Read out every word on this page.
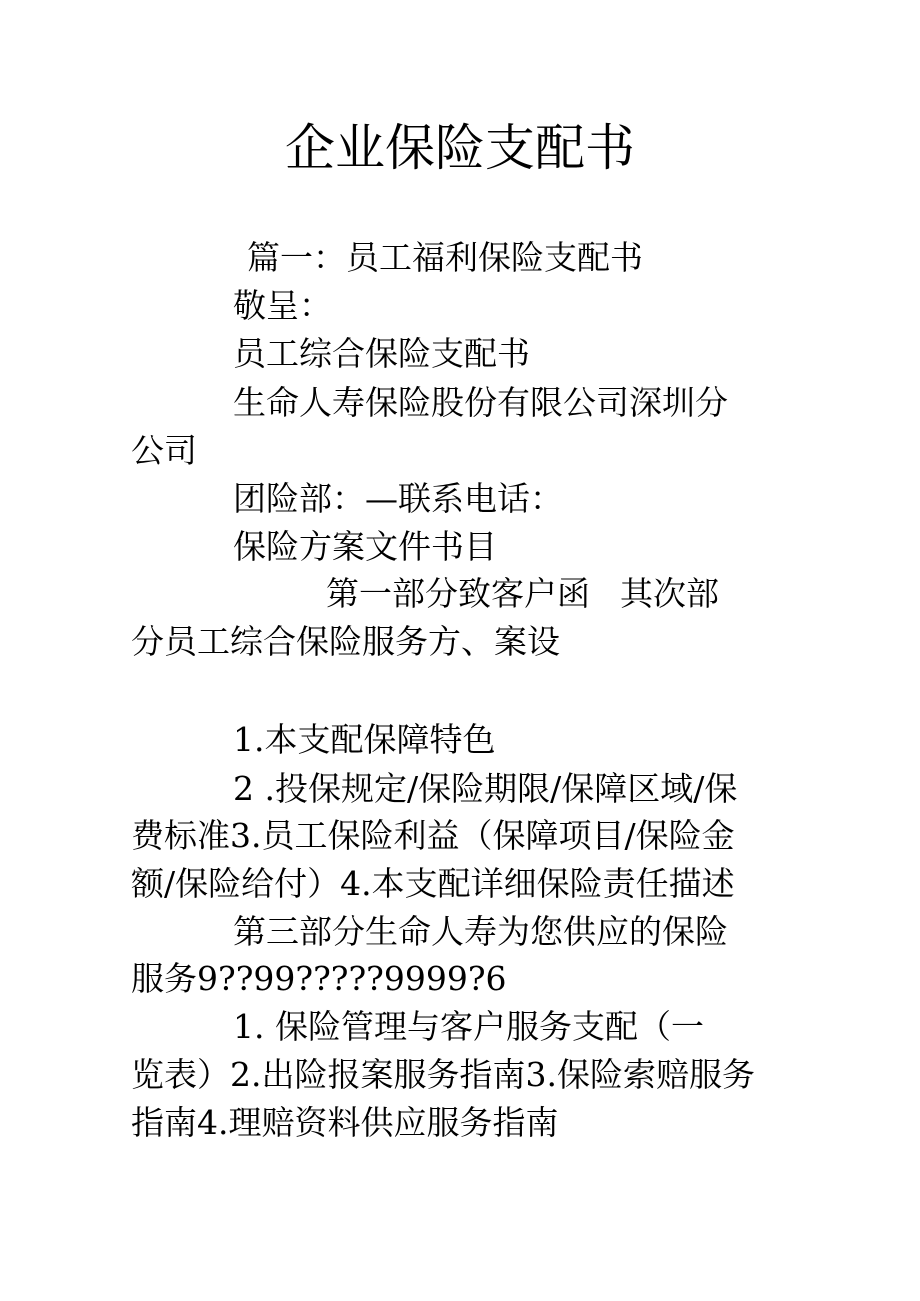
企业保险支配书
篇一：员工福利保险支配书
敬呈：
员工综合保险支配书
生命人寿保险股份有限公司深圳分
公司
团险部：—联系电话：
保险方案文件书目
第一部分致客户函 其次部
分员工综合保险服务方、案设
1.本支配保障特色
2 .投保规定/保险期限/保障区域/保
费标准3.员工保险利益（保障项目/保险金
额/保险给付）4.本支配详细保险责任描述
第三部分生命人寿为您供应的保险
服务9??99?????9999?6
1. 保险管理与客户服务支配（一
览表）2.出险报案服务指南3.保险索赔服务
指南4.理赔资料供应服务指南
